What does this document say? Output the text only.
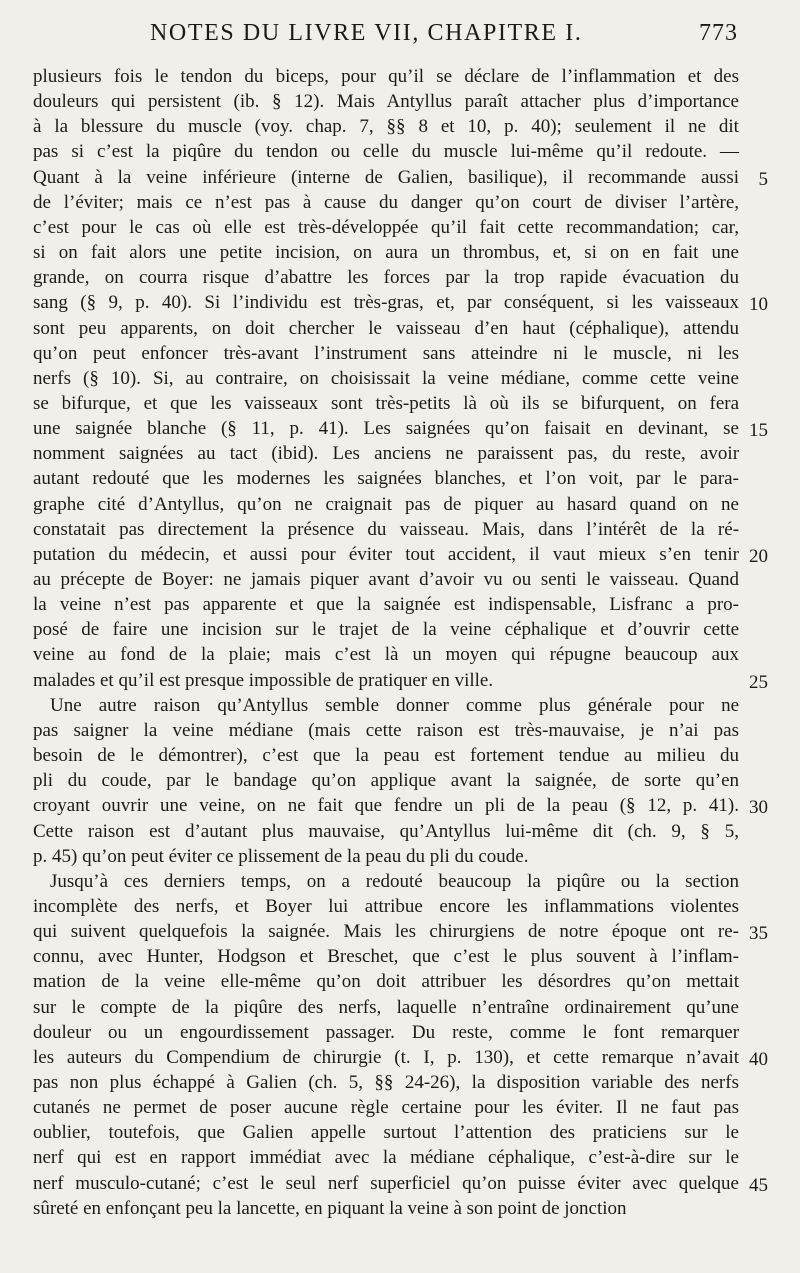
NOTES DU LIVRE VII, CHAPITRE I.	773
plusieurs fois le tendon du biceps, pour qu’il se déclare de l’inflammation et des
douleurs qui persistent (ib. § 12). Mais Antyllus paraît attacher plus d’importance
à la blessure du muscle (voy. chap. 7, §§ 8 et 10, p. 40); seulement il ne dit
pas si c’est la piqûre du tendon ou celle du muscle lui-même qu’il redoute. —
Quant à la veine inférieure (interne de Galien, basilique), il recommande aussi
de l’éviter; mais ce n’est pas à cause du danger qu’on court de diviser l’artère,
c’est pour le cas où elle est très-développée qu’il fait cette recommandation; car,
si on fait alors une petite incision, on aura un thrombus, et, si on en fait une
grande, on courra risque d’abattre les forces par la trop rapide évacuation du
sang (§ 9, p. 40). Si l’individu est très-gras, et, par conséquent, si les vaisseaux
sont peu apparents, on doit chercher le vaisseau d’en haut (céphalique), attendu
qu’on peut enfoncer très-avant l’instrument sans atteindre ni le muscle, ni les
nerfs (§ 10). Si, au contraire, on choisissait la veine médiane, comme cette veine
se bifurque, et que les vaisseaux sont très-petits là où ils se bifurquent, on fera
une saignée blanche (§ 11, p. 41). Les saignées qu’on faisait en devinant, se
nomment saignées au tact (ibid). Les anciens ne paraissent pas, du reste, avoir
autant redouté que les modernes les saignées blanches, et l’on voit, par le para-
graphe cité d’Antyllus, qu’on ne craignait pas de piquer au hasard quand on ne
constatait pas directement la présence du vaisseau. Mais, dans l’intérêt de la ré-
putation du médecin, et aussi pour éviter tout accident, il vaut mieux s’en tenir
au précepte de Boyer: ne jamais piquer avant d’avoir vu ou senti le vaisseau. Quand
la veine n’est pas apparente et que la saignée est indispensable, Lisfranc a pro-
posé de faire une incision sur le trajet de la veine céphalique et d’ouvrir cette
veine au fond de la plaie; mais c’est là un moyen qui répugne beaucoup aux
malades et qu’il est presque impossible de pratiquer en ville.
Une autre raison qu’Antyllus semble donner comme plus générale pour ne
pas saigner la veine médiane (mais cette raison est très-mauvaise, je n’ai pas
besoin de le démontrer), c’est que la peau est fortement tendue au milieu du
pli du coude, par le bandage qu’on applique avant la saignée, de sorte qu’en
croyant ouvrir une veine, on ne fait que fendre un pli de la peau (§ 12, p. 41).
Cette raison est d’autant plus mauvaise, qu’Antyllus lui-même dit (ch. 9, § 5,
p. 45) qu’on peut éviter ce plissement de la peau du pli du coude.
Jusqu’à ces derniers temps, on a redouté beaucoup la piqûre ou la section
incomplète des nerfs, et Boyer lui attribue encore les inflammations violentes
qui suivent quelquefois la saignée. Mais les chirurgiens de notre époque ont re-
connu, avec Hunter, Hodgson et Breschet, que c’est le plus souvent à l’inflam-
mation de la veine elle-même qu’on doit attribuer les désordres qu’on mettait
sur le compte de la piqûre des nerfs, laquelle n’entraîne ordinairement qu’une
douleur ou un engourdissement passager. Du reste, comme le font remarquer
les auteurs du Compendium de chirurgie (t. I, p. 130), et cette remarque n’avait
pas non plus échappé à Galien (ch. 5, §§ 24-26), la disposition variable des nerfs
cutanés ne permet de poser aucune règle certaine pour les éviter. Il ne faut pas
oublier, toutefois, que Galien appelle surtout l’attention des praticiens sur le
nerf qui est en rapport immédiat avec la médiane céphalique, c’est-à-dire sur le
nerf musculo-cutané; c’est le seul nerf superficiel qu’on puisse éviter avec quelque
sûreté en enfonçant peu la lancette, en piquant la veine à son point de jonction
5
10
15
20
25
30
35
40
45
